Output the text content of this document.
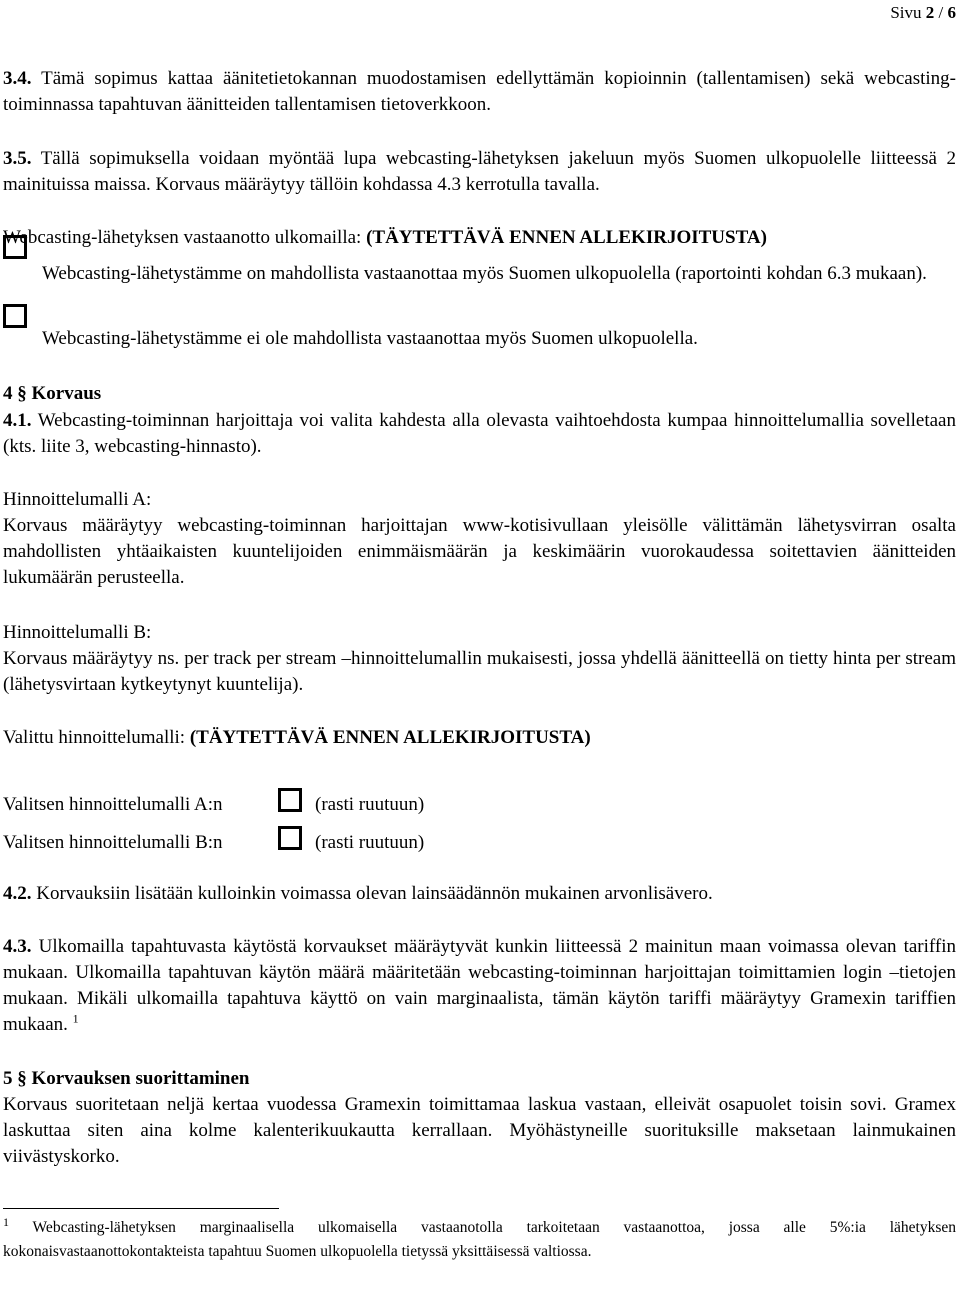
Sivu 2 / 6

3.4. Tämä sopimus kattaa äänitetietokannan muodostamisen edellyttämän kopioinnin (tallentamisen) sekä webcasting-toiminnassa tapahtuvan äänitteiden tallentamisen tietoverkkoon.

3.5. Tällä sopimuksella voidaan myöntää lupa webcasting-lähetyksen jakeluun myös Suomen ulkopuolelle liitteessä 2 mainituissa maissa. Korvaus määräytyy tällöin kohdassa 4.3 kerrotulla tavalla.

Webcasting-lähetyksen vastaanotto ulkomailla: (TÄYTETTÄVÄ ENNEN ALLEKIRJOITUSTA)

Webcasting-lähetystämme on mahdollista vastaanottaa myös Suomen ulkopuolella (raportointi kohdan 6.3 mukaan).

Webcasting-lähetystämme ei ole mahdollista vastaanottaa myös Suomen ulkopuolella.

4 § Korvaus

4.1. Webcasting-toiminnan harjoittaja voi valita kahdesta alla olevasta vaihtoehdosta kumpaa hinnoittelumallia sovelletaan (kts. liite 3, webcasting-hinnasto).

Hinnoittelumalli A:

Korvaus määräytyy webcasting-toiminnan harjoittajan www-kotisivullaan yleisölle välittämän lähetysvirran osalta mahdollisten yhtäaikaisten kuuntelijoiden enimmäismäärän ja keskimäärin vuorokaudessa soitettavien äänitteiden lukumäärän perusteella.

Hinnoittelumalli B:

Korvaus määräytyy ns. per track per stream –hinnoittelumallin mukaisesti, jossa yhdellä äänitteellä on tietty hinta per stream (lähetysvirtaan kytkeytynyt kuuntelija).

Valittu hinnoittelumalli: (TÄYTETTÄVÄ ENNEN ALLEKIRJOITUSTA)

Valitsen hinnoittelumalli A:n	(rasti ruutuun)
Valitsen hinnoittelumalli B:n	(rasti ruutuun)

4.2. Korvauksiin lisätään kulloinkin voimassa olevan lainsäädännön mukainen arvonlisävero.

4.3. Ulkomailla tapahtuvasta käytöstä korvaukset määräytyvät kunkin liitteessä 2 mainitun maan voimassa olevan tariffin mukaan. Ulkomailla tapahtuvan käytön määrä määritetään webcasting-toiminnan harjoittajan toimittamien login –tietojen mukaan. Mikäli ulkomailla tapahtuva käyttö on vain marginaalista, tämän käytön tariffi määräytyy Gramexin tariffien mukaan. $^1$

5 § Korvauksen suorittaminen

Korvaus suoritetaan neljä kertaa vuodessa Gramexin toimittamaa laskua vastaan, elleivät osapuolet toisin sovi. Gramex laskuttaa siten aina kolme kalenterikuukautta kerrallaan. Myöhästyneille suorituksille maksetaan lainmukainen viivästyskorko.

$^1$ Webcasting-lähetyksen marginaalisella ulkomaisella vastaanotolla tarkoitetaan vastaanottoa, jossa alle 5%:ia lähetyksen kokonaisvastaanottokontakteista tapahtuu Suomen ulkopuolella tietyssä yksittäisessä valtiossa.
